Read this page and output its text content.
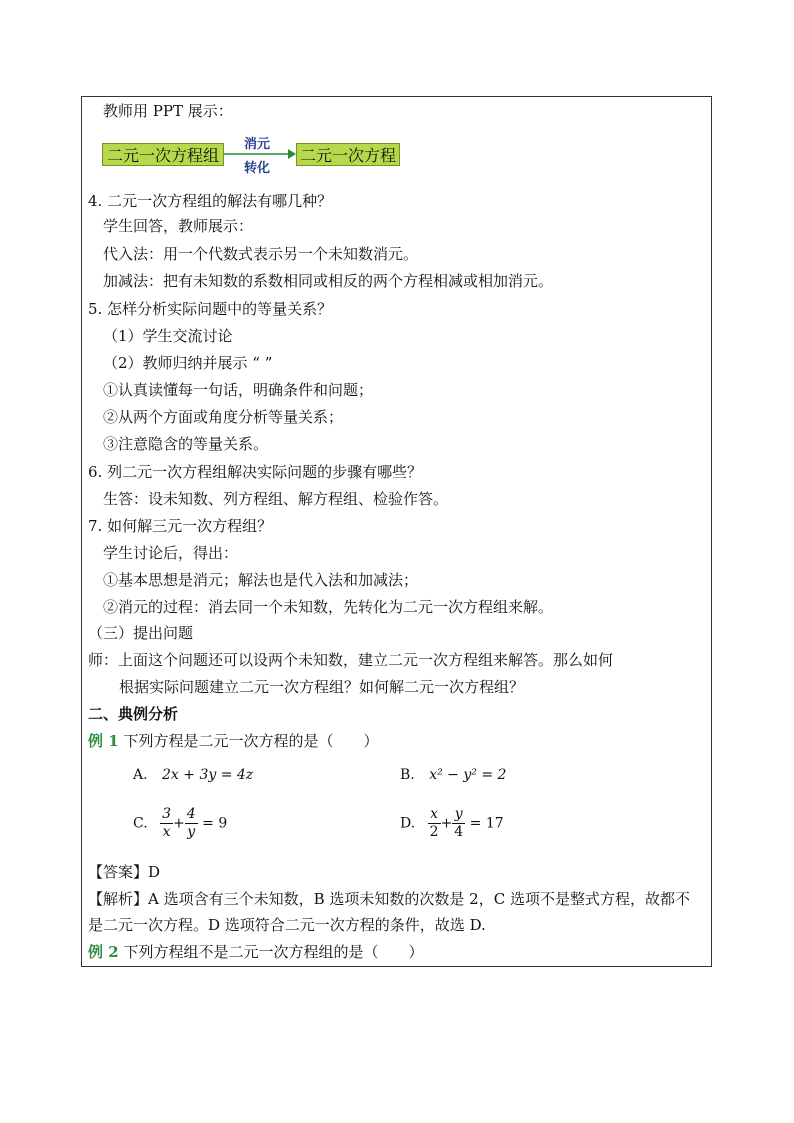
教师用 PPT 展示：
二元一次方程组
消元
转化
二元一次方程
4. 二元一次方程组的解法有哪几种？
学生回答，教师展示：
代入法：用一个代数式表示另一个未知数消元。
加减法：把有未知数的系数相同或相反的两个方程相减或相加消元。
5. 怎样分析实际问题中的等量关系？
（1）学生交流讨论
（2）教师归纳并展示 “ ”
①认真读懂每一句话，明确条件和问题；
②从两个方面或角度分析等量关系；
③注意隐含的等量关系。
6. 列二元一次方程组解决实际问题的步骤有哪些？
生答：设未知数、列方程组、解方程组、检验作答。
7. 如何解三元一次方程组？
学生讨论后，得出：
①基本思想是消元；解法也是代入法和加减法；
②消元的过程：消去同一个未知数，先转化为二元一次方程组来解。
（三）提出问题
师：上面这个问题还可以设两个未知数，建立二元一次方程组来解答。那么如何
根据实际问题建立二元一次方程组？如何解二元一次方程组？
二、典例分析
例 1 下列方程是二元一次方程的是（　　）
A. 2x + 3y = 4z	B. x² − y² = 2
C. $\frac{3}{x} + \frac{4}{y} = 9$	D. $\frac{x}{2} + \frac{y}{4} = 17$
【答案】D
【解析】A 选项含有三个未知数，B 选项未知数的次数是 2，C 选项不是整式方程，故都不
是二元一次方程。D 选项符合二元一次方程的条件，故选 D.
例 2 下列方程组不是二元一次方程组的是（　　）
